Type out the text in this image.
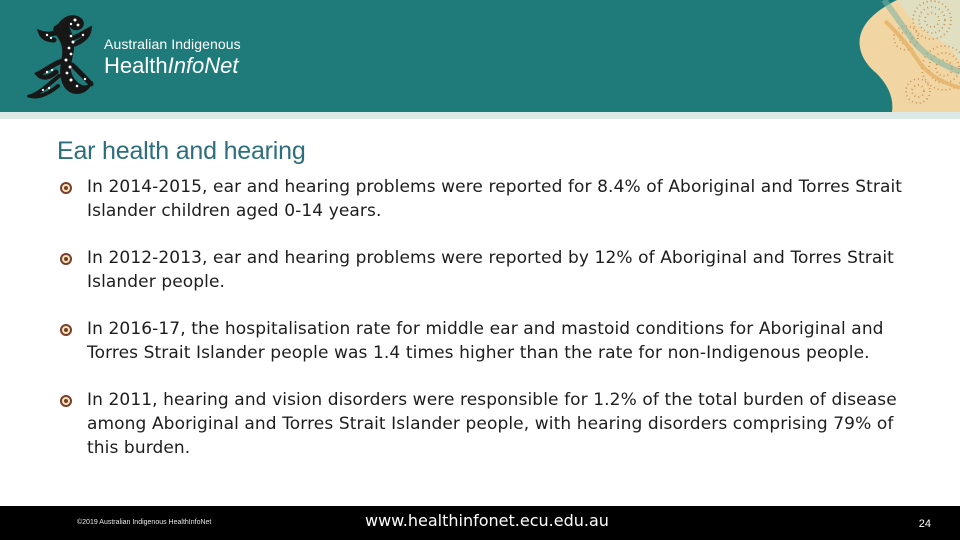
Australian Indigenous
HealthInfoNet
Ear health and hearing
In 2014-2015, ear and hearing problems were reported for 8.4% of Aboriginal and Torres Strait Islander children aged 0-14 years.
In 2012-2013, ear and hearing problems were reported by 12% of Aboriginal and Torres Strait Islander people.
In 2016-17, the hospitalisation rate for middle ear and mastoid conditions for Aboriginal and Torres Strait Islander people was 1.4 times higher than the rate for non-Indigenous people.
In 2011, hearing and vision disorders were responsible for 1.2% of the total burden of disease among Aboriginal and Torres Strait Islander people, with hearing disorders comprising 79% of this burden.
©2019 Australian Indigenous HealthInfoNet	www.healthinfonet.ecu.edu.au	24
